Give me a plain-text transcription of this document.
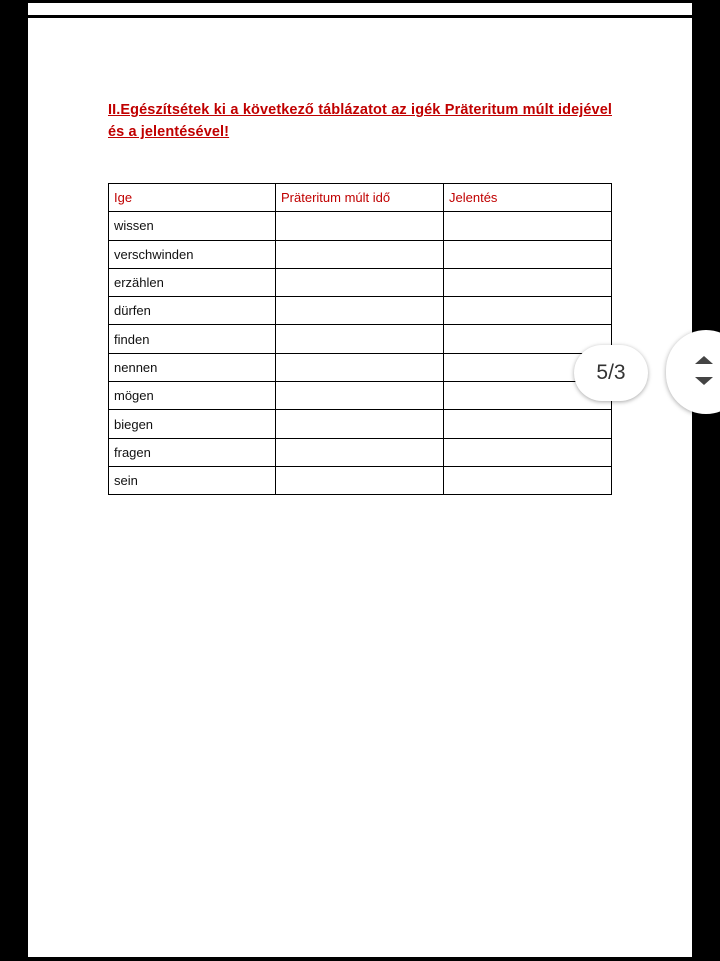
II.Egészítsétek ki a következő táblázatot az igék Präteritum múlt idejével és a jelentésével!

Ige	Präteritum múlt idő	Jelentés
wissen		
verschwinden		
erzählen		
dürfen		
finden		
nennen		
mögen		
biegen		
fragen		
sein		
5/3
